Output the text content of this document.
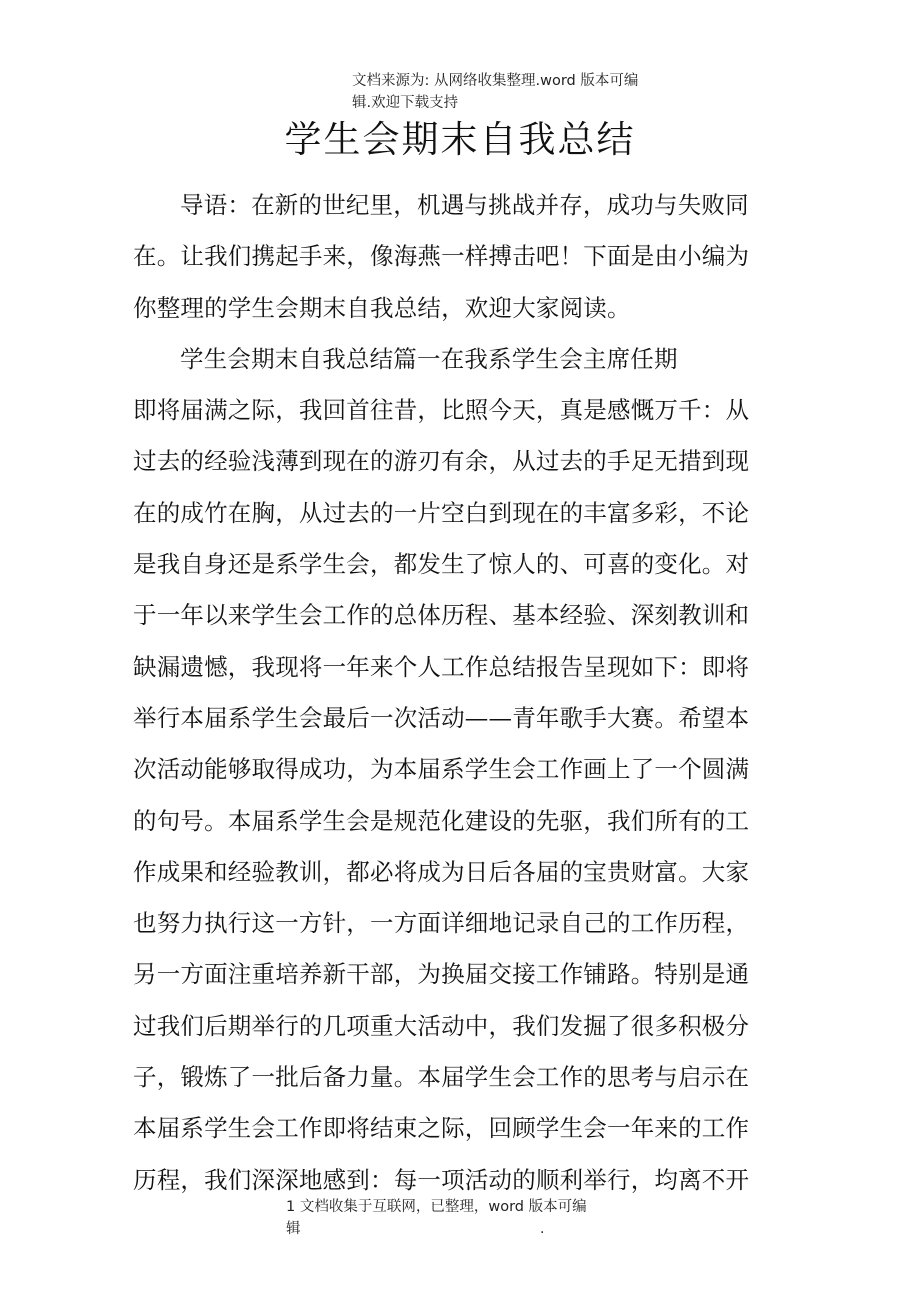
文档来源为: 从网络收集整理.word 版本可编
辑.欢迎下载支持
学生会期末自我总结
导语：在新的世纪里，机遇与挑战并存，成功与失败同
在。让我们携起手来，像海燕一样搏击吧！下面是由小编为
你整理的学生会期末自我总结，欢迎大家阅读。
学生会期末自我总结篇一在我系学生会主席任期
即将届满之际，我回首往昔，比照今天，真是感慨万千：从
过去的经验浅薄到现在的游刃有余，从过去的手足无措到现
在的成竹在胸，从过去的一片空白到现在的丰富多彩，不论
是我自身还是系学生会，都发生了惊人的、可喜的变化。对
于一年以来学生会工作的总体历程、基本经验、深刻教训和
缺漏遗憾，我现将一年来个人工作总结报告呈现如下：即将
举行本届系学生会最后一次活动——青年歌手大赛。希望本
次活动能够取得成功，为本届系学生会工作画上了一个圆满
的句号。本届系学生会是规范化建设的先驱，我们所有的工
作成果和经验教训，都必将成为日后各届的宝贵财富。大家
也努力执行这一方针，一方面详细地记录自己的工作历程，
另一方面注重培养新干部，为换届交接工作铺路。特别是通
过我们后期举行的几项重大活动中，我们发掘了很多积极分
子，锻炼了一批后备力量。本届学生会工作的思考与启示在
本届系学生会工作即将结束之际，回顾学生会一年来的工作
历程，我们深深地感到：每一项活动的顺利举行，均离不开
1 文档收集于互联网，已整理，word 版本可编
辑	.
